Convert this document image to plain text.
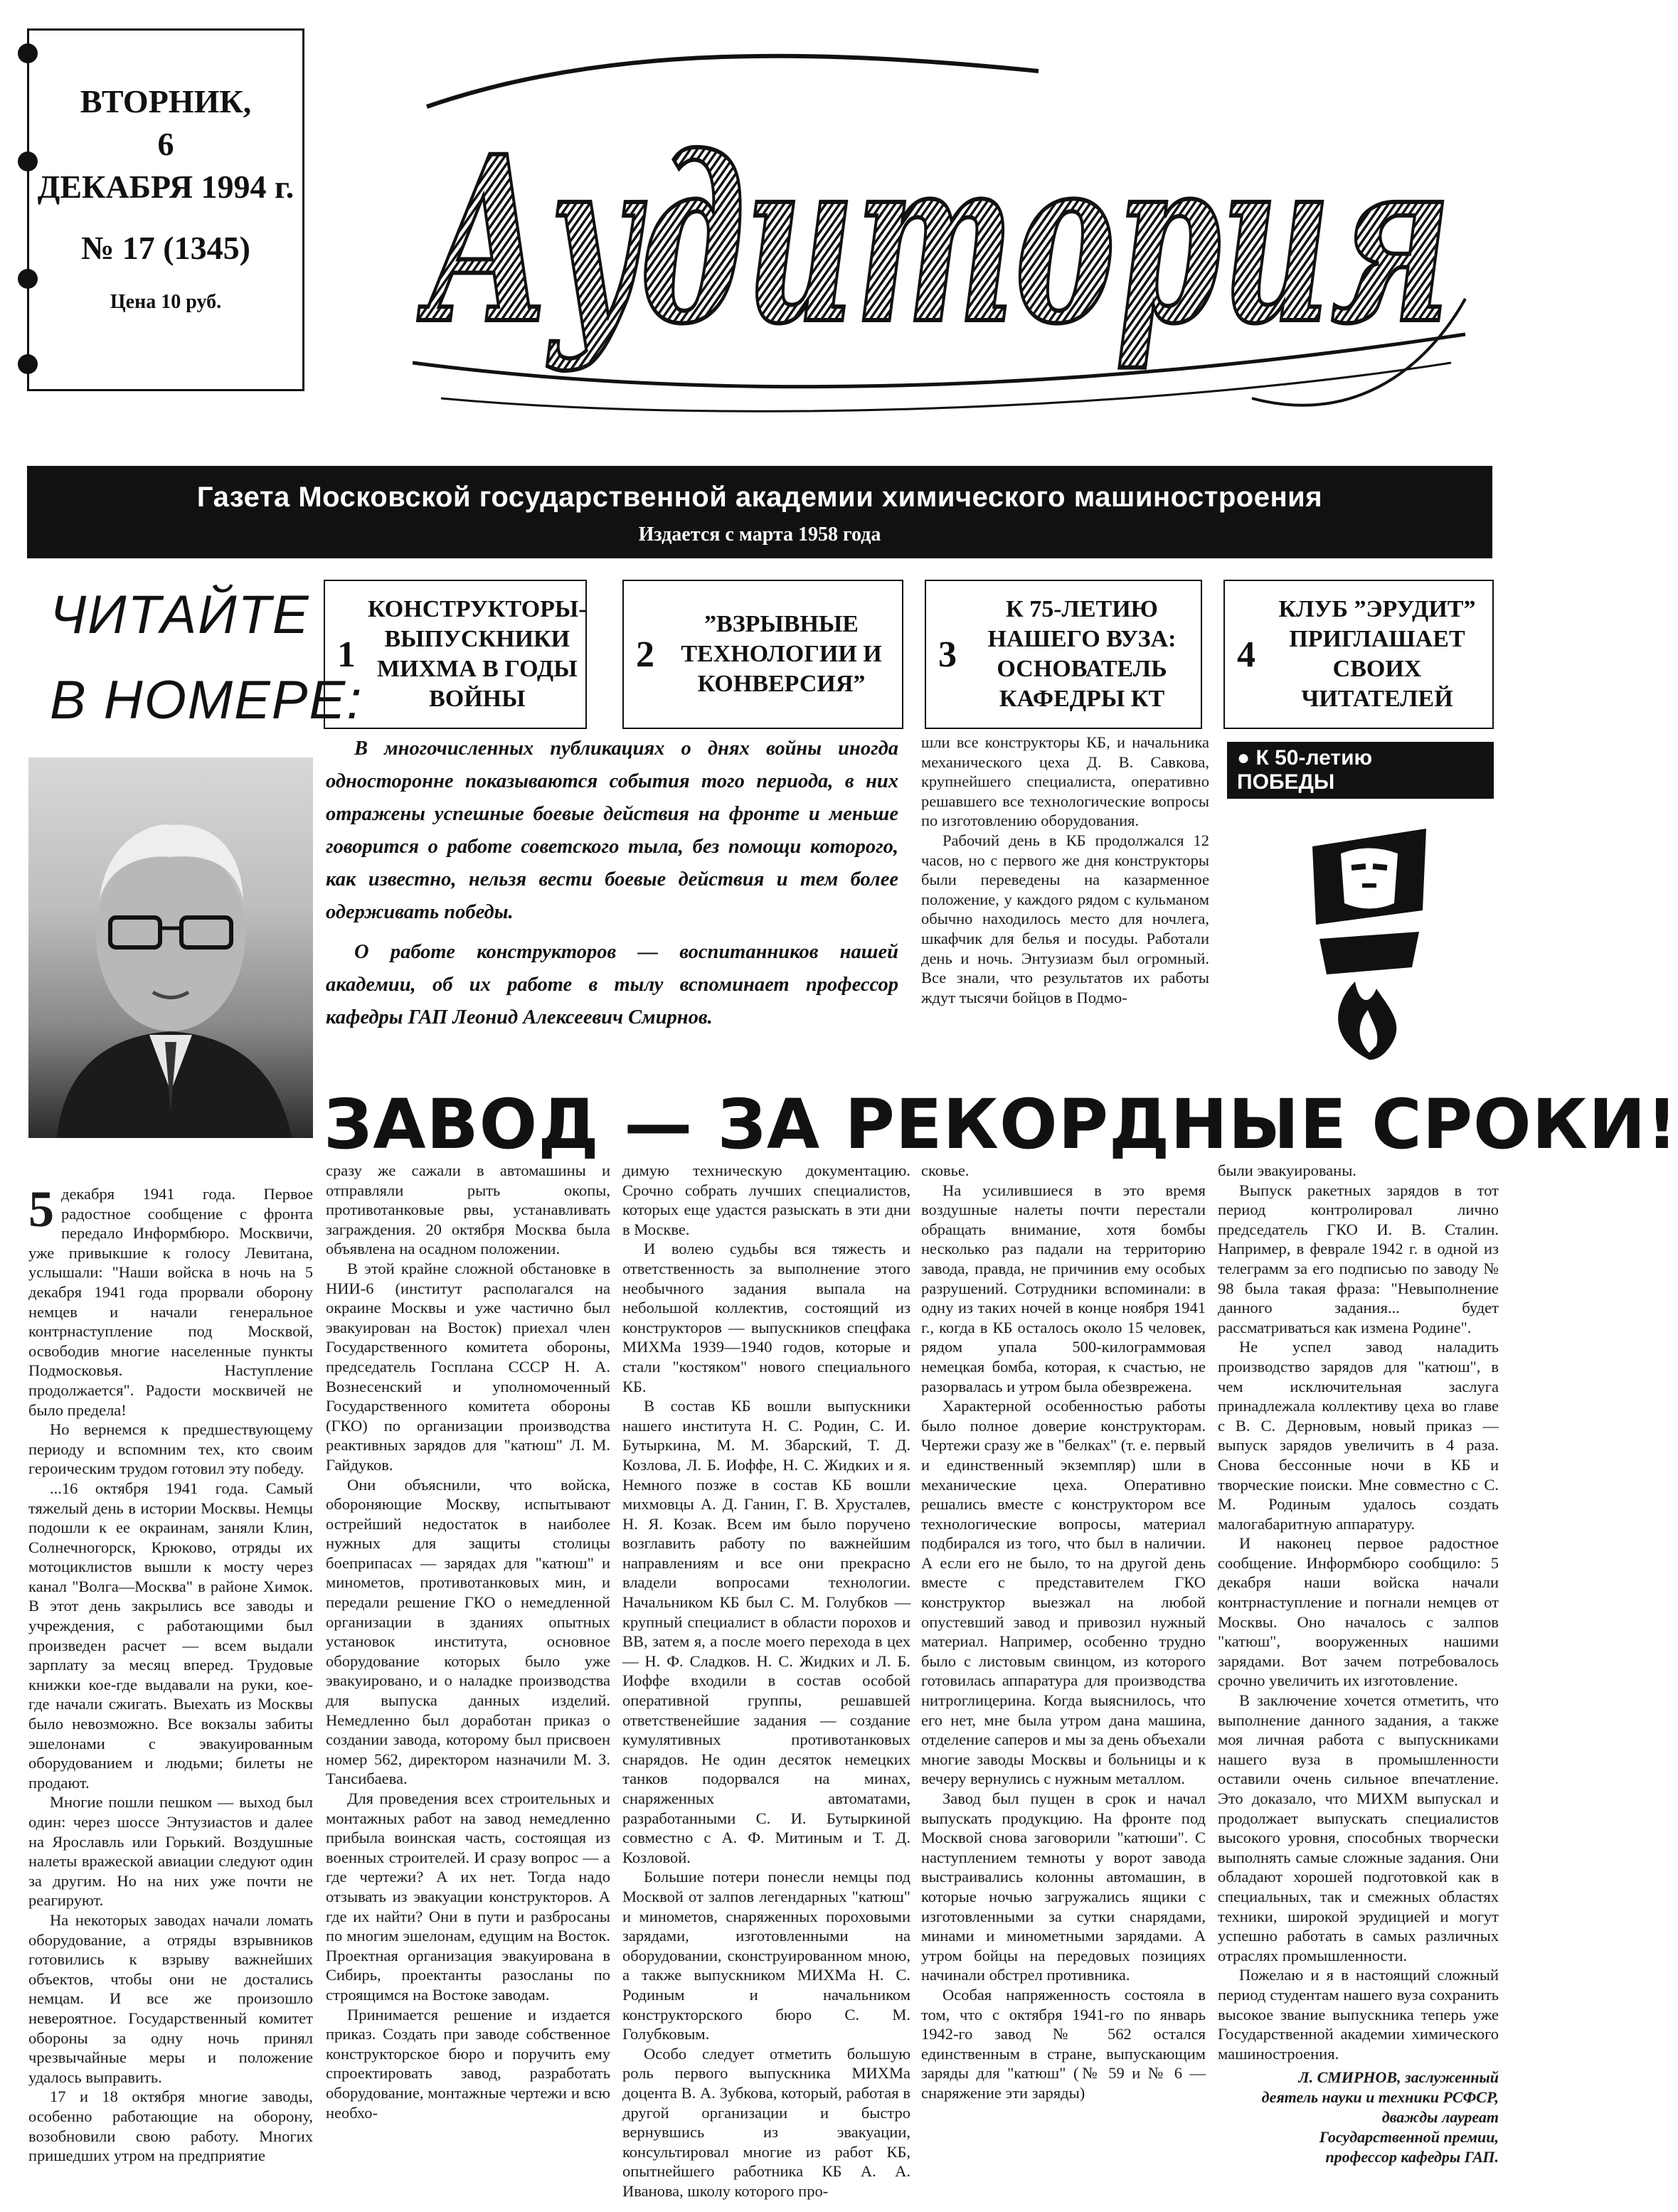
ВТОРНИК,
6
ДЕКАБРЯ 1994 г.
№ 17 (1345)
Цена 10 руб. Аудитория
Газета Московской государственной академии химического машиностроения
Издается с марта 1958 года
ЧИТАЙТЕ
В НОМЕРЕ:
1
КОНСТРУКТОРЫ-ВЫПУСКНИКИ МИХМА В ГОДЫ ВОЙНЫ
2
”ВЗРЫВНЫЕ ТЕХНОЛОГИИ И КОНВЕРСИЯ”
3
К 75-ЛЕТИЮ НАШЕГО ВУЗА: ОСНОВАТЕЛЬ КАФЕДРЫ КТ
4
КЛУБ ”ЭРУДИТ” ПРИГЛАШАЕТ СВОИХ ЧИТАТЕЛЕЙ

В многочисленных публикациях о днях войны иногда односторонне показываются события того периода, в них отражены успешные боевые действия на фронте и меньше говорится о работе советского тыла, без помощи которого, как известно, нельзя вести боевые действия и тем более одерживать победы.

О работе конструкторов — воспитанников нашей академии, об их работе в тылу вспоминает профессор кафедры ГАП Леонид Алексеевич Смирнов.

шли все конструкторы КБ, и начальника механического цеха Д. В. Савкова, крупнейшего специалиста, оперативно решавшего все технологические вопросы по изготовлению оборудования.

Рабочий день в КБ продолжался 12 часов, но с первого же дня конструкторы были переведены на казарменное положение, у каждого рядом с кульманом обычно находилось место для ночлега, шкафчик для белья и посуды. Работали день и ночь. Энтузиазм был огромный. Все знали, что результатов их работы ждут тысячи бойцов в Подмо-

● К 50-летию
ПОБЕДЫ
ЗАВОД — ЗА РЕКОРДНЫЕ СРОКИ!

5 декабря 1941 года. Первое радостное сообщение с фронта передало Информбюро. Москвичи, уже привыкшие к голосу Левитана, услышали: "Наши войска в ночь на 5 декабря 1941 года прорвали оборону немцев и начали генеральное контрнаступление под Москвой, освободив многие населенные пункты Подмосковья. Наступление продолжается". Радости москвичей не было предела!

Но вернемся к предшествующему периоду и вспомним тех, кто своим героическим трудом готовил эту победу.

...16 октября 1941 года. Самый тяжелый день в истории Москвы. Немцы подошли к ее окраинам, заняли Клин, Солнечногорск, Крюково, отряды их мотоциклистов вышли к мосту через канал "Волга—Москва" в районе Химок. В этот день закрылись все заводы и учреждения, с работающими был произведен расчет — всем выдали зарплату за месяц вперед. Трудовые книжки кое-где выдавали на руки, кое-где начали сжигать. Выехать из Москвы было невозможно. Все вокзалы забиты эшелонами с эвакуированным оборудованием и людьми; билеты не продают.

Многие пошли пешком — выход был один: через шоссе Энтузиастов и далее на Ярославль или Горький. Воздушные налеты вражеской авиации следуют один за другим. Но на них уже почти не реагируют.

На некоторых заводах начали ломать оборудование, а отряды взрывников готовились к взрыву важнейших объектов, чтобы они не достались немцам. И все же произошло невероятное. Государственный комитет обороны за одну ночь принял чрезвычайные меры и положение удалось выправить.

17 и 18 октября многие заводы, особенно работающие на оборону, возобновили свою работу. Многих пришедших утром на предприятие

сразу же сажали в автомашины и отправляли рыть окопы, противотанковые рвы, устанавливать заграждения. 20 октября Москва была объявлена на осадном положении.

В этой крайне сложной обстановке в НИИ-6 (институт располагался на окраине Москвы и уже частично был эвакуирован на Восток) приехал член Государственного комитета обороны, председатель Госплана СССР Н. А. Вознесенский и уполномоченный Государственного комитета обороны (ГКО) по организации производства реактивных зарядов для "катюш" Л. М. Гайдуков.

Они объяснили, что войска, обороняющие Москву, испытывают острейший недостаток в наиболее нужных для защиты столицы боеприпасах — зарядах для "катюш" и минометов, противотанковых мин, и передали решение ГКО о немедленной организации в зданиях опытных установок института, основное оборудование которых было уже эвакуировано, и о наладке производства для выпуска данных изделий. Немедленно был доработан приказ о создании завода, которому был присвоен номер 562, директором назначили М. З. Тансибаева.

Для проведения всех строительных и монтажных работ на завод немедленно прибыла воинская часть, состоящая из военных строителей. И сразу вопрос — а где чертежи? А их нет. Тогда надо отзывать из эвакуации конструкторов. А где их найти? Они в пути и разбросаны по многим эшелонам, едущим на Восток. Проектная организация эвакуирована в Сибирь, проектанты разосланы по строящимся на Востоке заводам.

Принимается решение и издается приказ. Создать при заводе собственное конструкторское бюро и поручить ему спроектировать завод, разработать оборудование, монтажные чертежи и всю необхо-

димую техническую документацию. Срочно собрать лучших специалистов, которых еще удастся разыскать в эти дни в Москве.

И волею судьбы вся тяжесть и ответственность за выполнение этого необычного задания выпала на небольшой коллектив, состоящий из конструкторов — выпускников спецфака МИХМа 1939—1940 годов, которые и стали "костяком" нового специального КБ.

В состав КБ вошли выпускники нашего института Н. С. Родин, С. И. Бутыркина, М. М. Збарский, Т. Д. Козлова, Л. Б. Иоффе, Н. С. Жидких и я. Немного позже в состав КБ вошли михмовцы А. Д. Ганин, Г. В. Хрусталев, Н. Я. Козак. Всем им было поручено возглавить работу по важнейшим направлениям и все они прекрасно владели вопросами технологии. Начальником КБ был С. М. Голубков — крупный специалист в области порохов и ВВ, затем я, а после моего перехода в цех — Н. Ф. Сладков. Н. С. Жидких и Л. Б. Иоффе входили в состав особой оперативной группы, решавшей ответственейшие задания — создание кумулятивных противотанковых снарядов. Не один десяток немецких танков подорвался на минах, снаряженных автоматами, разработанными С. И. Бутыркиной совместно с А. Ф. Митиным и Т. Д. Козловой.

Большие потери понесли немцы под Москвой от залпов легендарных "катюш" и минометов, снаряженных пороховыми зарядами, изготовленными на оборудовании, сконструированном мною, а также выпускником МИХМа Н. С. Родиным и начальником конструкторского бюро С. М. Голубковым.

Особо следует отметить большую роль первого выпускника МИХМа доцента В. А. Зубкова, который, работая в другой организации и быстро вернувшись из эвакуации, консультировал многие из работ КБ, опытнейшего работника КБ А. А. Иванова, школу которого про-

сковье.

На усилившиеся в это время воздушные налеты почти перестали обращать внимание, хотя бомбы несколько раз падали на территорию завода, правда, не причинив ему особых разрушений. Сотрудники вспоминали: в одну из таких ночей в конце ноября 1941 г., когда в КБ осталось около 15 человек, рядом упала 500-килограммовая немецкая бомба, которая, к счастью, не разорвалась и утром была обезврежена.

Характерной особенностью работы было полное доверие конструкторам. Чертежи сразу же в "белках" (т. е. первый и единственный экземпляр) шли в механические цеха. Оперативно решались вместе с конструктором все технологические вопросы, материал подбирался из того, что был в наличии. А если его не было, то на другой день вместе с представителем ГКО конструктор выезжал на любой опустевший завод и привозил нужный материал. Например, особенно трудно было с листовым свинцом, из которого готовилась аппаратура для производства нитроглицерина. Когда выяснилось, что его нет, мне была утром дана машина, отделение саперов и мы за день объехали многие заводы Москвы и больницы и к вечеру вернулись с нужным металлом.

Завод был пущен в срок и начал выпускать продукцию. На фронте под Москвой снова заговорили "катюши". С наступлением темноты у ворот завода выстраивались колонны автомашин, в которые ночью загружались ящики с изготовленными за сутки снарядами, минами и минометными зарядами. А утром бойцы на передовых позициях начинали обстрел противника.

Особая напряженность состояла в том, что с октября 1941-го по январь 1942-го завод № 562 остался единственным в стране, выпускающим заряды для "катюш" (№ 59 и № 6 — снаряжение эти заряды)

были эвакуированы.

Выпуск ракетных зарядов в тот период контролировал лично председатель ГКО И. В. Сталин. Например, в феврале 1942 г. в одной из телеграмм за его подписью по заводу № 98 была такая фраза: "Невыполнение данного задания... будет рассматриваться как измена Родине".

Не успел завод наладить производство зарядов для "катюш", в чем исключительная заслуга принадлежала коллективу цеха во главе с В. С. Дерновым, новый приказ — выпуск зарядов увеличить в 4 раза. Снова бессонные ночи в КБ и творческие поиски. Мне совместно с С. М. Родиным удалось создать малогабаритную аппаратуру.

И наконец первое радостное сообщение. Информбюро сообщило: 5 декабря наши войска начали контрнаступление и погнали немцев от Москвы. Оно началось с залпов "катюш", вооруженных нашими зарядами. Вот зачем потребовалось срочно увеличить их изготовление.

В заключение хочется отметить, что выполнение данного задания, а также моя личная работа с выпускниками нашего вуза в промышленности оставили очень сильное впечатление. Это доказало, что МИХМ выпускал и продолжает выпускать специалистов высокого уровня, способных творчески выполнять самые сложные задания. Они обладают хорошей подготовкой как в специальных, так и смежных областях техники, широкой эрудицией и могут успешно работать в самых различных отраслях промышленности.

Пожелаю и я в настоящий сложный период студентам нашего вуза сохранить высокое звание выпускника теперь уже Государственной академии химического машиностроения.

Л. СМИРНОВ, заслуженный
деятель науки и техники РСФСР,
дважды лауреат
Государственной премии,
профессор кафедры ГАП.
